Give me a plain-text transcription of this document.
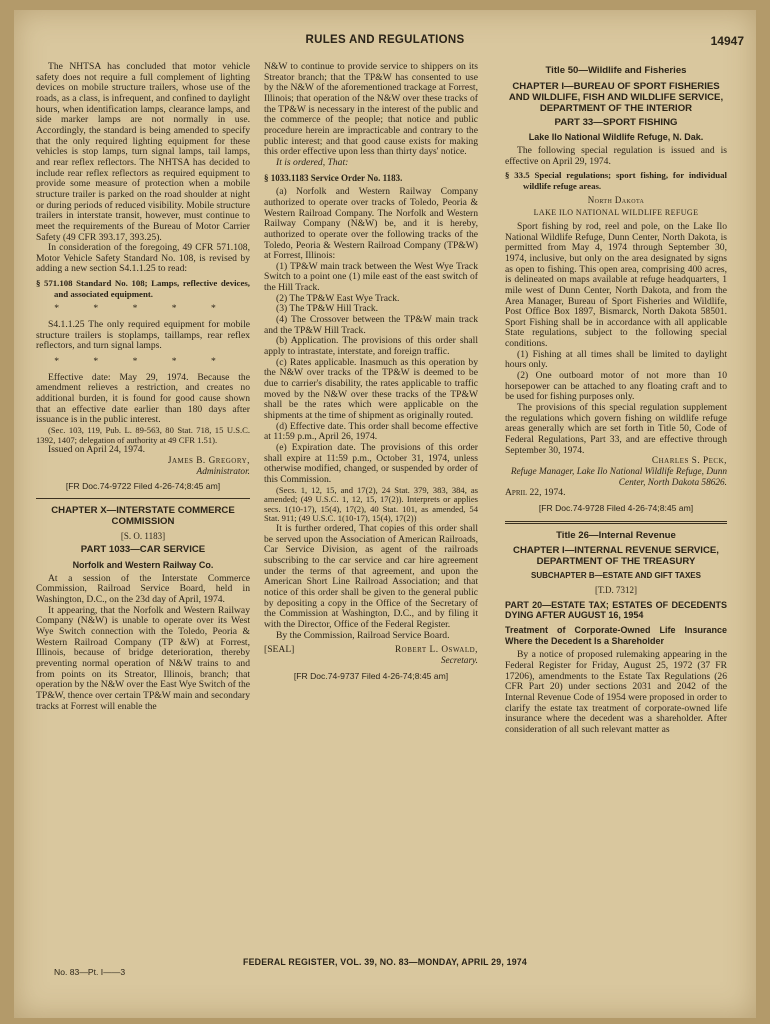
RULES AND REGULATIONS	14947

The NHTSA has concluded that motor vehicle safety does not require a full complement of lighting devices on mobile structure trailers, whose use of the roads, as a class, is infrequent, and confined to daylight hours, when identification lamps, clearance lamps, and side marker lamps are not normally in use. Accordingly, the standard is being amended to specify that the only required lighting equipment for these vehicles is stop lamps, turn signal lamps, tail lamps, and rear reflex reflectors. The NHTSA has decided to include rear reflex reflectors as required equipment to provide some measure of protection when a mobile structure trailer is parked on the road shoulder at night or during periods of reduced visibility. Mobile structure trailers in interstate transit, however, must continue to meet the requirements of the Bureau of Motor Carrier Safety (49 CFR 393.17, 393.25).

In consideration of the foregoing, 49 CFR 571.108, Motor Vehicle Safety Standard No. 108, is revised by adding a new section S4.1.1.25 to read:

§ 571.108 Standard No. 108; Lamps, reflective devices, and associated equipment.
* * * * *

S4.1.1.25 The only required equipment for mobile structure trailers is stoplamps, taillamps, rear reflex reflectors, and turn signal lamps.

* * * * *

Effective date: May 29, 1974. Because the amendment relieves a restriction, and creates no additional burden, it is found for good cause shown that an effective date earlier than 180 days after issuance is in the public interest.

(Sec. 103, 119, Pub. L. 89-563, 80 Stat. 718, 15 U.S.C. 1392, 1407; delegation of authority at 49 CFR 1.51).

Issued on April 24, 1974.

James B. Gregory,
Administrator.
[FR Doc.74-9722 Filed 4-26-74;8:45 am]
CHAPTER X—INTERSTATE COMMERCE COMMISSION
[S. O. 1183]
PART 1033—CAR SERVICE
Norfolk and Western Railway Co.

At a session of the Interstate Commerce Commission, Railroad Service Board, held in Washington, D.C., on the 23d day of April, 1974.

It appearing, that the Norfolk and Western Railway Company (N&W) is unable to operate over its West Wye Switch connection with the Toledo, Peoria & Western Railroad Company (TP &W) at Forrest, Illinois, because of bridge deterioration, thereby preventing normal operation of N&W trains to and from points on its Streator, Illinois, branch; that operation by the N&W over the East Wye Switch of the TP&W, thence over certain TP&W main and secondary tracks at Forrest will enable the

N&W to continue to provide service to shippers on its Streator branch; that the TP&W has consented to use by the N&W of the aforementioned trackage at Forrest, Illinois; that operation of the N&W over these tracks of the TP&W is necessary in the interest of the public and the commerce of the people; that notice and public procedure herein are impracticable and contrary to the public interest; and that good cause exists for making this order effective upon less than thirty days' notice.

It is ordered, That:

§ 1033.1183 Service Order No. 1183.

(a) Norfolk and Western Railway Company authorized to operate over tracks of Toledo, Peoria & Western Railroad Company. The Norfolk and Western Railway Company (N&W) be, and it is hereby, authorized to operate over the following tracks of the Toledo, Peoria & Western Railroad Company (TP&W) at Forrest, Illinois:

(1) TP&W main track between the West Wye Track Switch to a point one (1) mile east of the east switch of the Hill Track.

(2) The TP&W East Wye Track.

(3) The TP&W Hill Track.

(4) The Crossover between the TP&W main track and the TP&W Hill Track.

(b) Application. The provisions of this order shall apply to intrastate, interstate, and foreign traffic.

(c) Rates applicable. Inasmuch as this operation by the N&W over tracks of the TP&W is deemed to be due to carrier's disability, the rates applicable to traffic moved by the N&W over these tracks of the TP&W shall be the rates which were applicable on the shipments at the time of shipment as originally routed.

(d) Effective date. This order shall become effective at 11:59 p.m., April 26, 1974.

(e) Expiration date. The provisions of this order shall expire at 11:59 p.m., October 31, 1974, unless otherwise modified, changed, or suspended by order of this Commission.

(Secs. 1, 12, 15, and 17(2), 24 Stat. 379, 383, 384, as amended; (49 U.S.C. 1, 12, 15, 17(2)). Interprets or applies secs. 1(10-17), 15(4), 17(2), 40 Stat. 101, as amended, 54 Stat. 911; (49 U.S.C. 1(10-17), 15(4), 17(2))

It is further ordered, That copies of this order shall be served upon the Association of American Railroads, Car Service Division, as agent of the railroads subscribing to the car service and car hire agreement under the terms of that agreement, and upon the American Short Line Railroad Association; and that notice of this order shall be given to the general public by depositing a copy in the Office of the Secretary of the Commission at Washington, D.C., and by filing it with the Director, Office of the Federal Register.

By the Commission, Railroad Service Board.

[SEAL]	Robert L. Oswald,
Secretary.
[FR Doc.74-9737 Filed 4-26-74;8:45 am]
Title 50—Wildlife and Fisheries
CHAPTER I—BUREAU OF SPORT FISHERIES AND WILDLIFE, FISH AND WILDLIFE SERVICE, DEPARTMENT OF THE INTERIOR
PART 33—SPORT FISHING
Lake Ilo National Wildlife Refuge, N. Dak.

The following special regulation is issued and is effective on April 29, 1974.

§ 33.5 Special regulations; sport fishing, for individual wildlife refuge areas.
North Dakota
LAKE ILO NATIONAL WILDLIFE REFUGE

Sport fishing by rod, reel and pole, on the Lake Ilo National Wildlife Refuge, Dunn Center, North Dakota, is permitted from May 4, 1974 through September 30, 1974, inclusive, but only on the area designated by signs as open to fishing. This open area, comprising 400 acres, is delineated on maps available at refuge headquarters, 1 mile west of Dunn Center, North Dakota, and from the Area Manager, Bureau of Sport Fisheries and Wildlife, Post Office Box 1897, Bismarck, North Dakota 58501. Sport Fishing shall be in accordance with all applicable State regulations, subject to the following special conditions.

(1) Fishing at all times shall be limited to daylight hours only.

(2) One outboard motor of not more than 10 horsepower can be attached to any floating craft and to be used for fishing purposes only.

The provisions of this special regulation supplement the regulations which govern fishing on wildlife refuge areas generally which are set forth in Title 50, Code of Federal Regulations, Part 33, and are effective through September 30, 1974.

Charles S. Peck,
Refuge Manager, Lake Ilo National Wildlife Refuge, Dunn Center, North Dakota 58626.

April 22, 1974.

[FR Doc.74-9728 Filed 4-26-74;8:45 am]
Title 26—Internal Revenue
CHAPTER I—INTERNAL REVENUE SERVICE, DEPARTMENT OF THE TREASURY
SUBCHAPTER B—ESTATE AND GIFT TAXES
[T.D. 7312]
PART 20—ESTATE TAX; ESTATES OF DECEDENTS DYING AFTER AUGUST 16, 1954
Treatment of Corporate-Owned Life Insurance Where the Decedent Is a Shareholder

By a notice of proposed rulemaking appearing in the Federal Register for Friday, August 25, 1972 (37 FR 17206), amendments to the Estate Tax Regulations (26 CFR Part 20) under sections 2031 and 2042 of the Internal Revenue Code of 1954 were proposed in order to clarify the estate tax treatment of corporate-owned life insurance where the decedent was a shareholder. After consideration of all such relevant matter as

FEDERAL REGISTER, VOL. 39, NO. 83—MONDAY, APRIL 29, 1974
No. 83—Pt. I——3
